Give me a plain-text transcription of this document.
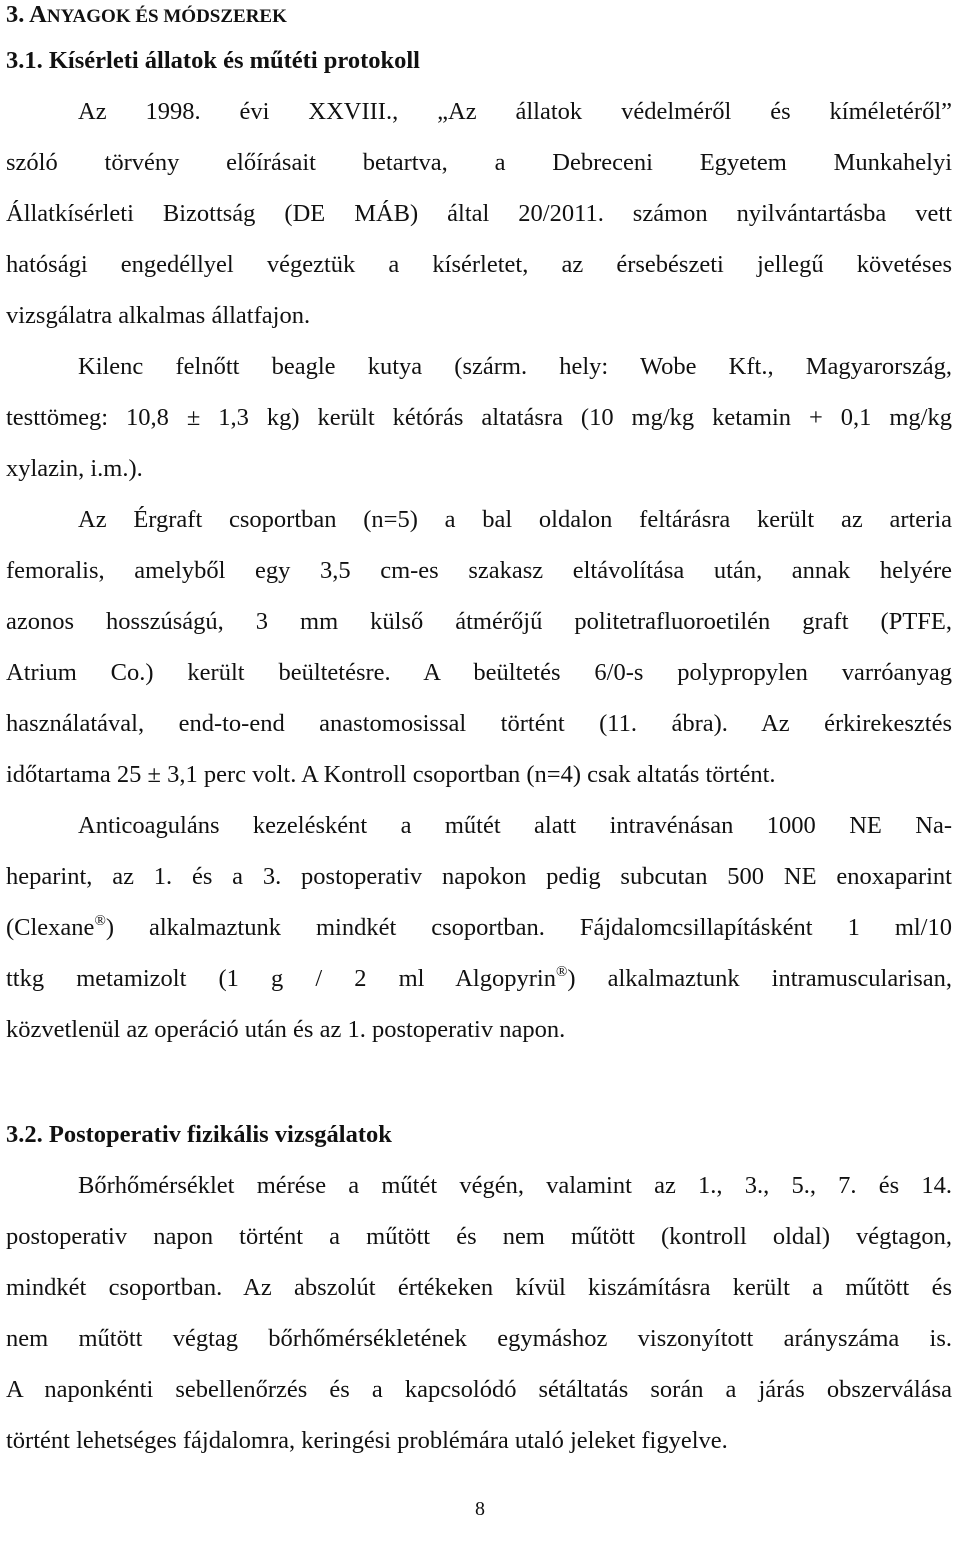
3. ANYAGOK ÉS MÓDSZEREK
3.1. Kísérleti állatok és műtéti protokoll
Az 1998. évi XXVIII., „Az állatok védelméről és kíméletéről”
szóló törvény előírásait betartva, a Debreceni Egyetem Munkahelyi
Állatkísérleti Bizottság (DE MÁB) által 20/2011. számon nyilvántartásba vett
hatósági engedéllyel végeztük a kísérletet, az érsebészeti jellegű követéses
vizsgálatra alkalmas állatfajon.
Kilenc felnőtt beagle kutya (szárm. hely: Wobe Kft., Magyarország,
testtömeg: 10,8 ± 1,3 kg) került kétórás altatásra (10 mg/kg ketamin + 0,1 mg/kg
xylazin, i.m.).
Az Érgraft csoportban (n=5) a bal oldalon feltárásra került az arteria
femoralis, amelyből egy 3,5 cm-es szakasz eltávolítása után, annak helyére
azonos hosszúságú, 3 mm külső átmérőjű politetrafluoroetilén graft (PTFE,
Atrium Co.) került beültetésre. A beültetés 6/0-s polypropylen varróanyag
használatával, end-to-end anastomosissal történt (11. ábra). Az érkirekesztés
időtartama 25 ± 3,1 perc volt. A Kontroll csoportban (n=4) csak altatás történt.
Anticoaguláns kezelésként a műtét alatt intravénásan 1000 NE Na-
heparint, az 1. és a 3. postoperativ napokon pedig subcutan 500 NE enoxaparint
(Clexane®) alkalmaztunk mindkét csoportban. Fájdalomcsillapításként 1 ml/10
ttkg metamizolt (1 g / 2 ml Algopyrin®) alkalmaztunk intramuscularisan,
közvetlenül az operáció után és az 1. postoperativ napon.
3.2. Postoperativ fizikális vizsgálatok
Bőrhőmérséklet mérése a műtét végén, valamint az 1., 3., 5., 7. és 14.
postoperativ napon történt a műtött és nem műtött (kontroll oldal) végtagon,
mindkét csoportban. Az abszolút értékeken kívül kiszámításra került a műtött és
nem műtött végtag bőrhőmérsékletének egymáshoz viszonyított arányszáma is.
A naponkénti sebellenőrzés és a kapcsolódó sétáltatás során a járás obszerválása
történt lehetséges fájdalomra, keringési problémára utaló jeleket figyelve.
8
